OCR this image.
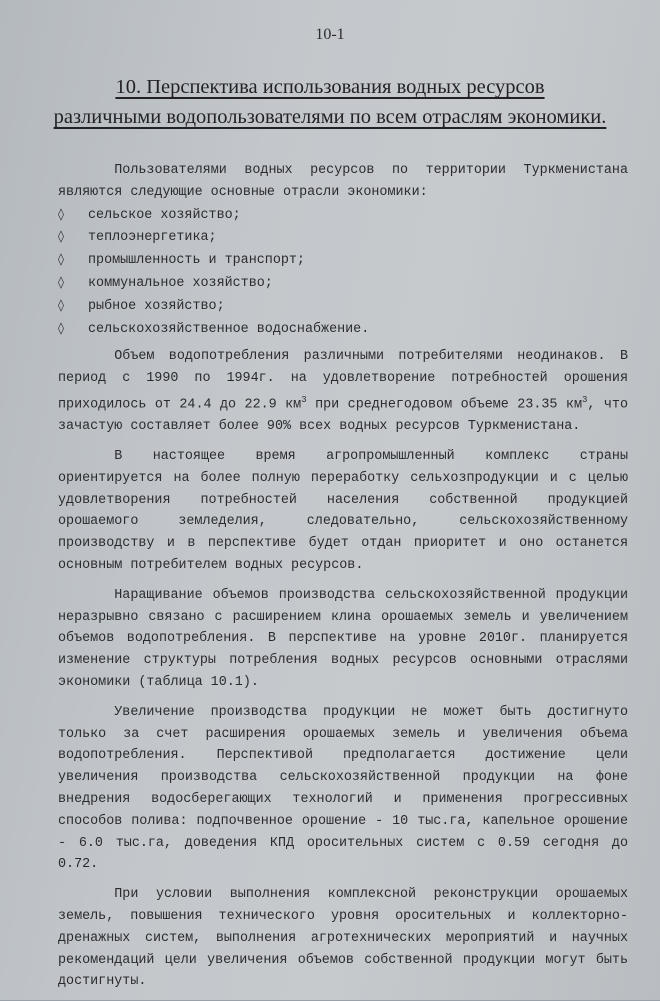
10-1
10. Перспектива использования водных ресурсов
различными водопользователями по всем отраслям экономики.

Пользователями водных ресурсов по территории Туркменистана являются следующие основные отрасли экономики:

◊	сельское хозяйство;
◊	теплоэнергетика;
◊	промышленность и транспорт;
◊	коммунальное хозяйство;
◊	рыбное хозяйство;
◊	сельскохозяйственное водоснабжение.

Объем водопотребления различными потребителями неодинаков. В период с 1990 по 1994г. на удовлетворение потребностей орошения приходилось от 24.4 до 22.9 $км^3$ при среднегодовом объеме 23.35 $км^3$, что зачастую составляет более 90% всех водных ресурсов Туркменистана.

В настоящее время агропромышленный комплекс страны ориентируется на более полную переработку сельхозпродукции и с целью удовлетворения потребностей населения собственной продукцией орошаемого земледелия, следовательно, сельскохозяйственному производству и в перспективе будет отдан приоритет и оно останется основным потребителем водных ресурсов.

Наращивание объемов производства сельскохозяйственной продукции неразрывно связано с расширением клина орошаемых земель и увеличением объемов водопотребления. В перспективе на уровне 2010г. планируется изменение структуры потребления водных ресурсов основными отраслями экономики (таблица 10.1).

Увеличение производства продукции не может быть достигнуто только за счет расширения орошаемых земель и увеличения объема водопотребления. Перспективой предполагается достижение цели увеличения производства сельскохозяйственной продукции на фоне внедрения водосберегающих технологий и применения прогрессивных способов полива: подпочвенное орошение - 10 тыс.га, капельное орошение - 6.0 тыс.га, доведения КПД оросительных систем с 0.59 сегодня до 0.72.

При условии выполнения комплексной реконструкции орошаемых земель, повышения технического уровня оросительных и коллекторно-дренажных систем, выполнения агротехнических мероприятий и научных рекомендаций цели увеличения объемов собственной продукции могут быть достигнуты.
